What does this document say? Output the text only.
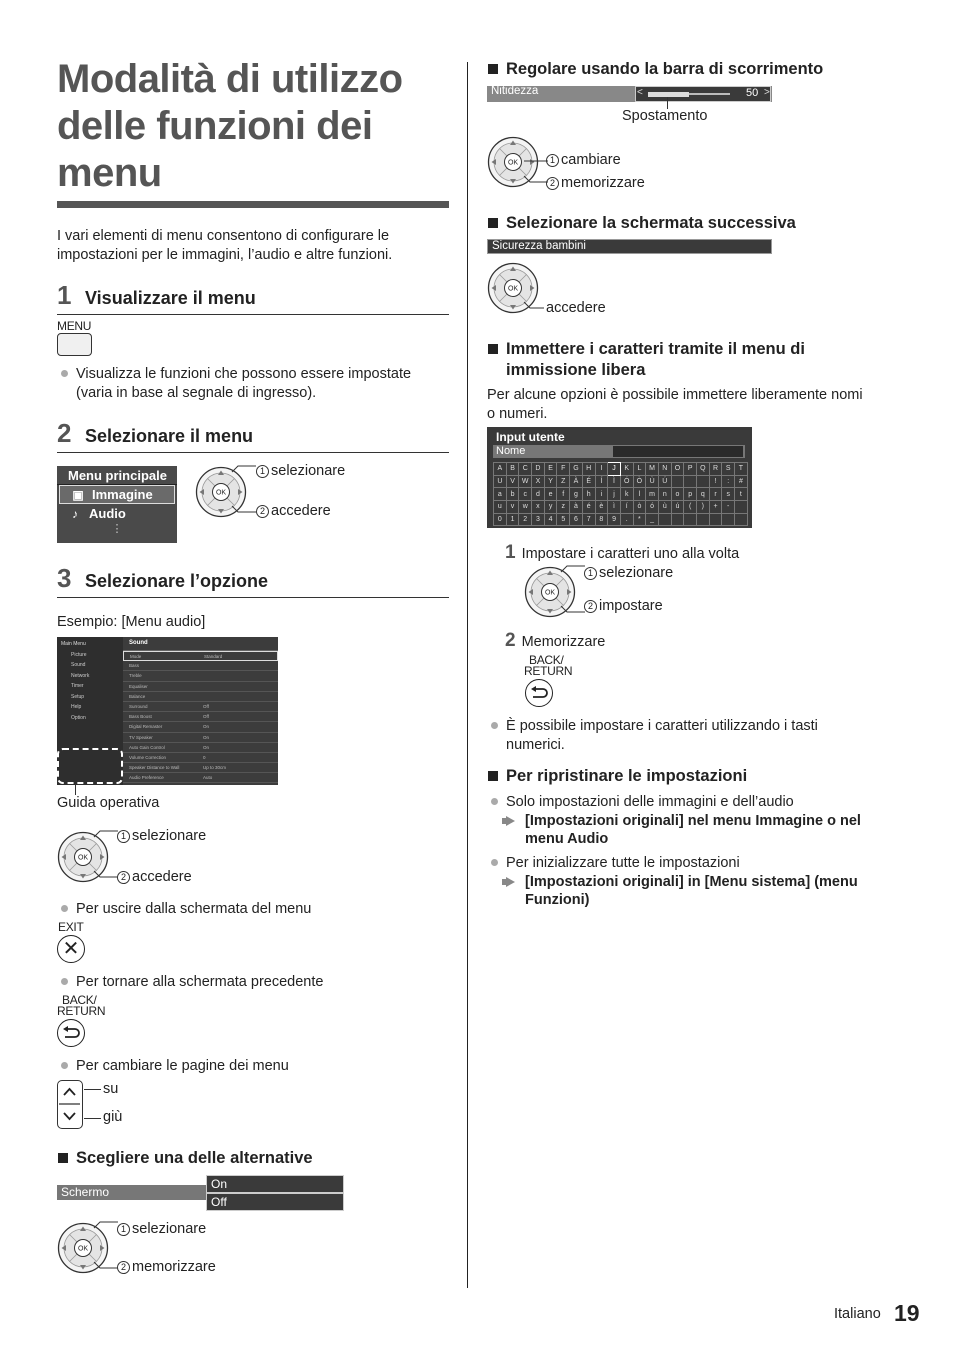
Modalità di utilizzo delle funzioni dei menu
I vari elementi di menu consentono di configurare le impostazioni per le immagini, l’audio e altre funzioni.
1 Visualizzare il menu
MENU
Visualizza le funzioni che possono essere impostate (varia in base al segnale di ingresso).
2 Selezionare il menu
Menu principale
▣ Immagine
♪ Audio
⋮
OK
1 selezionare
2 accedere
3 Selezionare l’opzione
Esempio: [Menu audio]
Main Menu
Picture
Sound
Network
Timer
Setup
Help
Option
Sound
Mode	Standard
Bass
Treble
Equaliser
Balance
Surround	Off
Bass Boost	Off
Digital Remaster	On
TV Speaker	On
Auto Gain Control	On
Volume Correction	0
Speaker Distance to Wall	Up to 30cm
Audio Preference	Auto
Guida operativa
OK
1 selezionare
2 accedere
Per uscire dalla schermata del menu
EXIT
✕
Per tornare alla schermata precedente
BACK/
RETURN
Per cambiare le pagine dei menu
su
giù
Scegliere una delle alternative
Schermo
On
Off
OK
1 selezionare
2 memorizzare
Regolare usando la barra di scorrimento
Nitidezza	<	50 >
Spostamento
OK	1 cambiare
2 memorizzare
Selezionare la schermata successiva
Sicurezza bambini
OK
accedere
Immettere i caratteri tramite il menu di immissione libera
Per alcune opzioni è possibile immettere liberamente nomi o numeri.
Input utente
Nome
A	B	C	D	E	F	G	H	I	J	K	L	M	N	O	P	Q	R	S	T
U	V	W	X	Y	Z	À	É	Í	Ì	Ó	Ò	Ù	Ú				!	:	#
a	b	c	d	e	f	g	h	i	j	k	l	m	n	o	p	q	r	s	t
u	v	w	x	y	z	à	é	è	ì	í	ò	ó	ù	ú	(	)	+	-	
0	1	2	3	4	5	6	7	8	9	.	*	_							
1 Impostare i caratteri uno alla volta
OK
1 selezionare
2 impostare
2 Memorizzare
BACK/
RETURN
È possibile impostare i caratteri utilizzando i tasti numerici.
Per ripristinare le impostazioni
Solo impostazioni delle immagini e dell’audio
[Impostazioni originali] nel menu Immagine o nel menu Audio
Per inizializzare tutte le impostazioni
[Impostazioni originali] in [Menu sistema] (menu Funzioni)
Italiano 19
